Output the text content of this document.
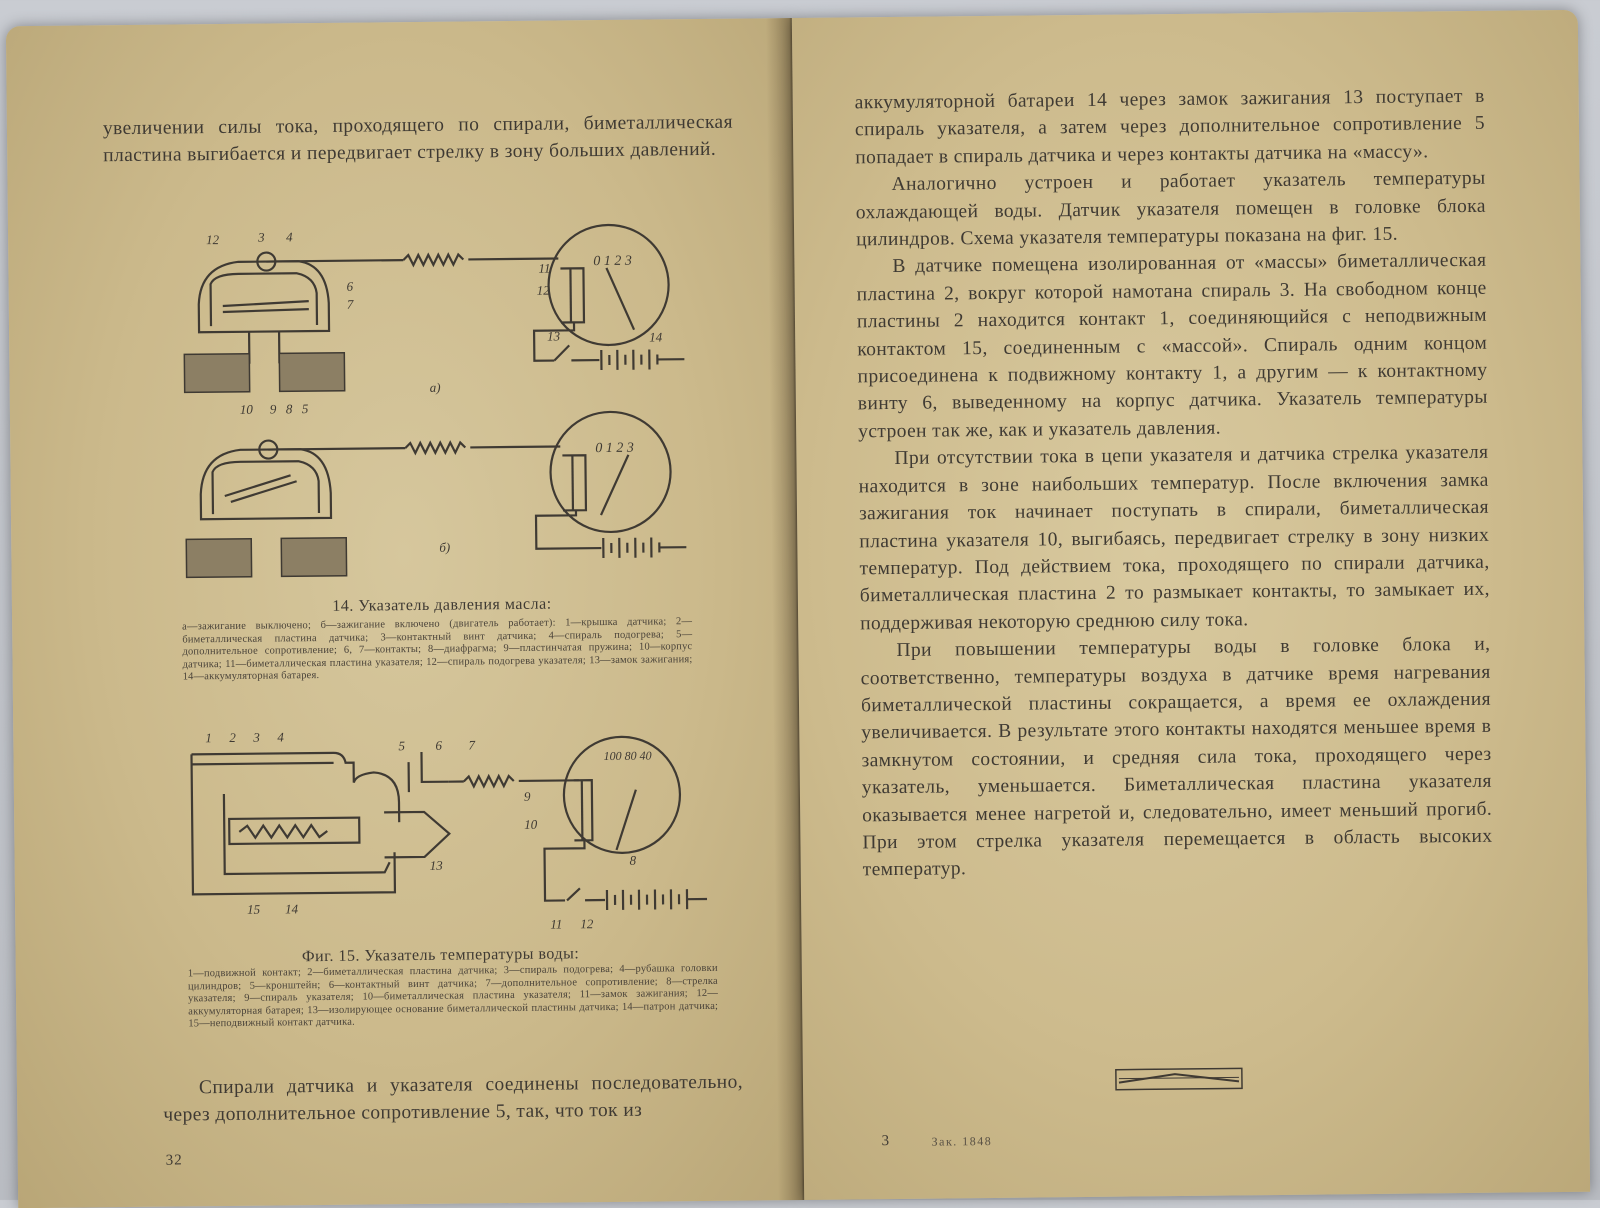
увеличении силы тока, проходящего по спирали, биметаллическая пластина выгибается и передвигает стрелку в зону больших давлений.

12	3 4
6
7
10 9 8 5
11
12
13	14
а)
б)
0 1 2 3
0 1 2 3
14. Указатель давления масла:
а—зажигание выключено; б—зажигание включено (двигатель работает): 1—крышка датчика; 2—биметаллическая пластина датчика; 3—контактный винт датчика; 4—спираль подогрева; 5—дополнительное сопротивление; 6, 7—контакты; 8—диафрагма; 9—пластинчатая пружина; 10—корпус датчика; 11—биметаллическая пластина указателя; 12—спираль подогрева указателя; 13—замок зажигания; 14—аккумуляторная батарея.
1 2 3 4
5 6 7
9
10
8
13
15 14
11 12
100 80 40
Фиг. 15. Указатель температуры воды:
1—подвижной контакт; 2—биметаллическая пластина датчика; 3—спираль подогрева; 4—рубашка головки цилиндров; 5—кронштейн; 6—контактный винт датчика; 7—дополнительное сопротивление; 8—стрелка указателя; 9—спираль указателя; 10—биметаллическая пластина указателя; 11—замок зажигания; 12—аккумуляторная батарея; 13—изолирующее основание биметаллической пластины датчика; 14—патрон датчика; 15—неподвижный контакт датчика.

Спирали датчика и указателя соединены последовательно, через дополнительное сопротивление 5, так, что ток из

32

аккумуляторной батареи 14 через замок зажигания 13 поступает в спираль указателя, а затем через дополнительное сопротивление 5 попадает в спираль датчика и через контакты датчика на «массу».

Аналогично устроен и работает указатель температуры охлаждающей воды. Датчик указателя помещен в головке блока цилиндров. Схема указателя температуры показана на фиг. 15.

В датчике помещена изолированная от «массы» биметаллическая пластина 2, вокруг которой намотана спираль 3. На свободном конце пластины 2 находится контакт 1, соединяющийся с неподвижным контактом 15, соединенным с «массой». Спираль одним концом присоединена к подвижному контакту 1, а другим — к контактному винту 6, выведенному на корпус датчика. Указатель температуры устроен так же, как и указатель давления.

При отсутствии тока в цепи указателя и датчика стрелка указателя находится в зоне наибольших температур. После включения замка зажигания ток начинает поступать в спирали, биметаллическая пластина указателя 10, выгибаясь, передвигает стрелку в зону низких температур. Под действием тока, проходящего по спирали датчика, биметаллическая пластина 2 то размыкает контакты, то замыкает их, поддерживая некоторую среднюю силу тока.

При повышении температуры воды в головке блока и, соответственно, температуры воздуха в датчике время нагревания биметаллической пластины сокращается, а время ее охлаждения увеличивается. В результате этого контакты находятся меньшее время в замкнутом состоянии, и средняя сила тока, проходящего через указатель, уменьшается. Биметаллическая пластина указателя оказывается менее нагретой и, следовательно, имеет меньший прогиб. При этом стрелка указателя перемещается в область высоких температур.

3	Зак. 1848
